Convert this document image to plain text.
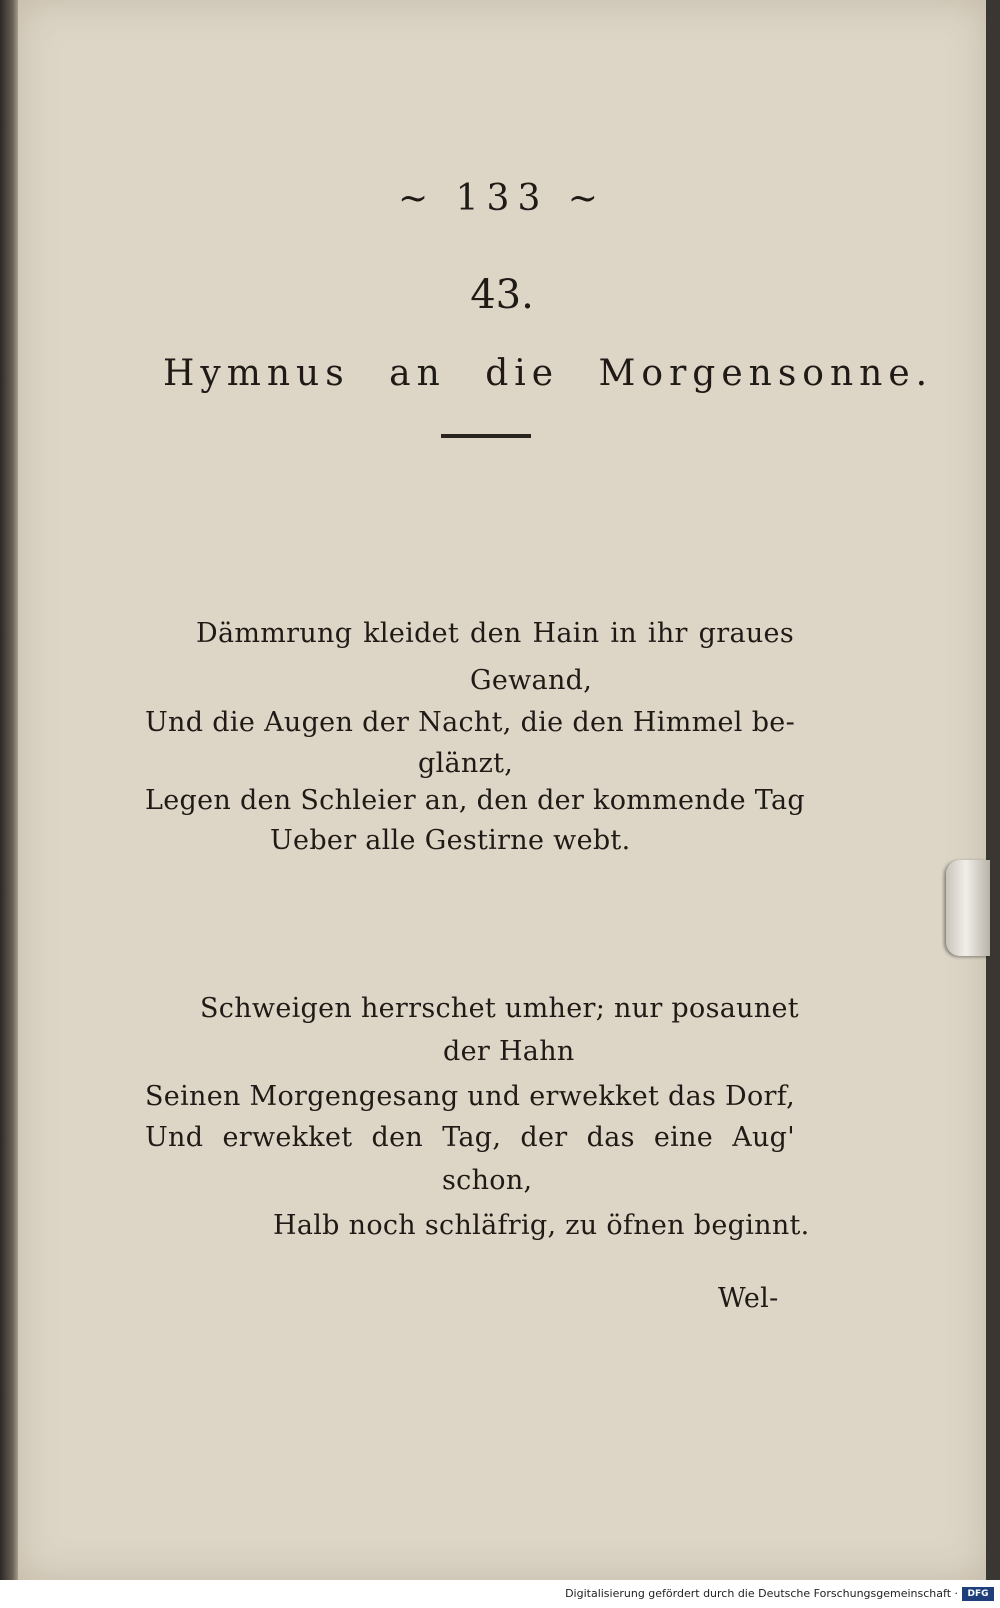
~ 133 ~
43.
Hymnus an die Morgensonne.
Dämmrung kleidet den Hain in ihr graues
Gewand,
Und die Augen der Nacht, die den Himmel be-
glänzt,
Legen den Schleier an, den der kommende Tag
Ueber alle Gestirne webt.
Schweigen herrschet umher; nur posaunet
der Hahn
Seinen Morgengesang und erwekket das Dorf,
Und erwekket den Tag, der das eine Aug'
schon,
Halb noch schläfrig, zu öfnen beginnt.
Wel-
Digitalisierung gefördert durch die Deutsche Forschungsgemeinschaft ·	DFG
